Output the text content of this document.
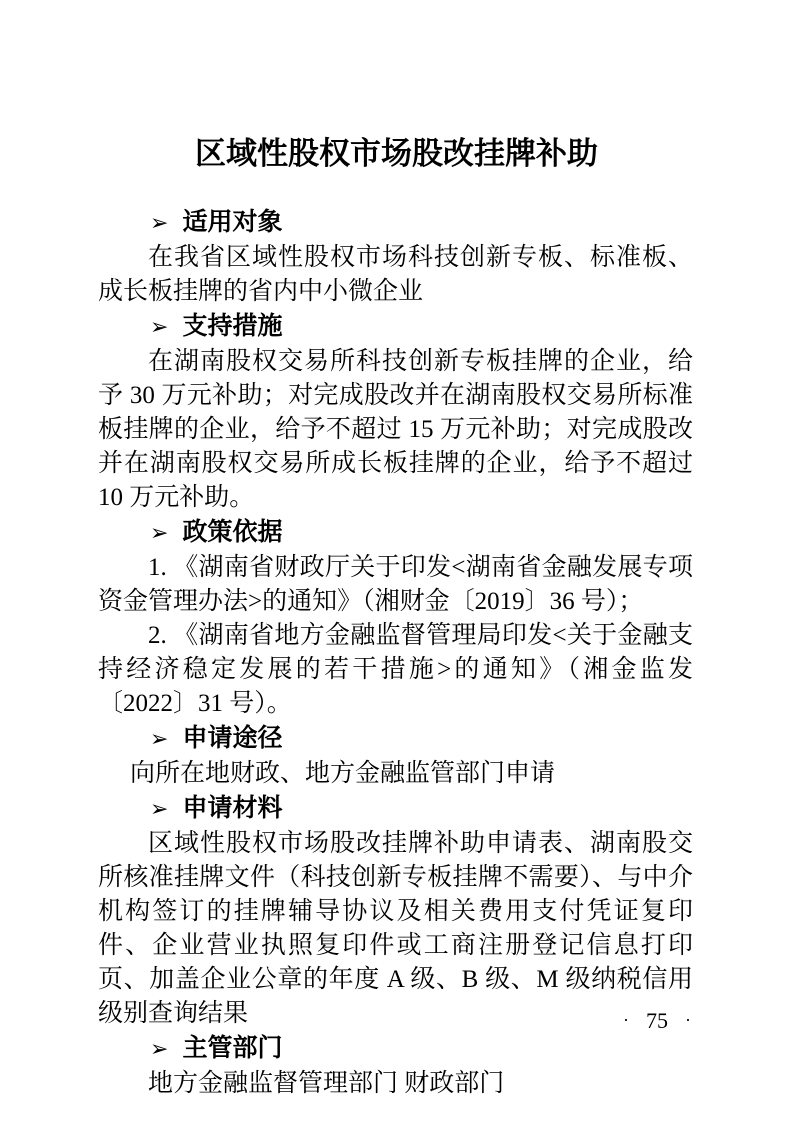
区域性股权市场股改挂牌补助
➢ 适用对象

在我省区域性股权市场科技创新专板、标准板、成长板挂牌的省内中小微企业

➢ 支持措施

在湖南股权交易所科技创新专板挂牌的企业，给予 30 万元补助；对完成股改并在湖南股权交易所标准板挂牌的企业，给予不超过 15 万元补助；对完成股改并在湖南股权交易所成长板挂牌的企业，给予不超过 10 万元补助。

➢ 政策依据

1. 《湖南省财政厅关于印发<湖南省金融发展专项资金管理办法>的通知》（湘财金〔2019〕36 号）；

2. 《湖南省地方金融监督管理局印发<关于金融支持经济稳定发展的若干措施>的通知》（湘金监发〔2022〕31 号）。

➢ 申请途径

向所在地财政、地方金融监管部门申请

➢ 申请材料

区域性股权市场股改挂牌补助申请表、湖南股交所核准挂牌文件（科技创新专板挂牌不需要）、与中介机构签订的挂牌辅导协议及相关费用支付凭证复印件、企业营业执照复印件或工商注册登记信息打印页、加盖企业公章的年度 A 级、B 级、M 级纳税信用级别查询结果

➢ 主管部门

地方金融监督管理部门 财政部门

· 75 ·
